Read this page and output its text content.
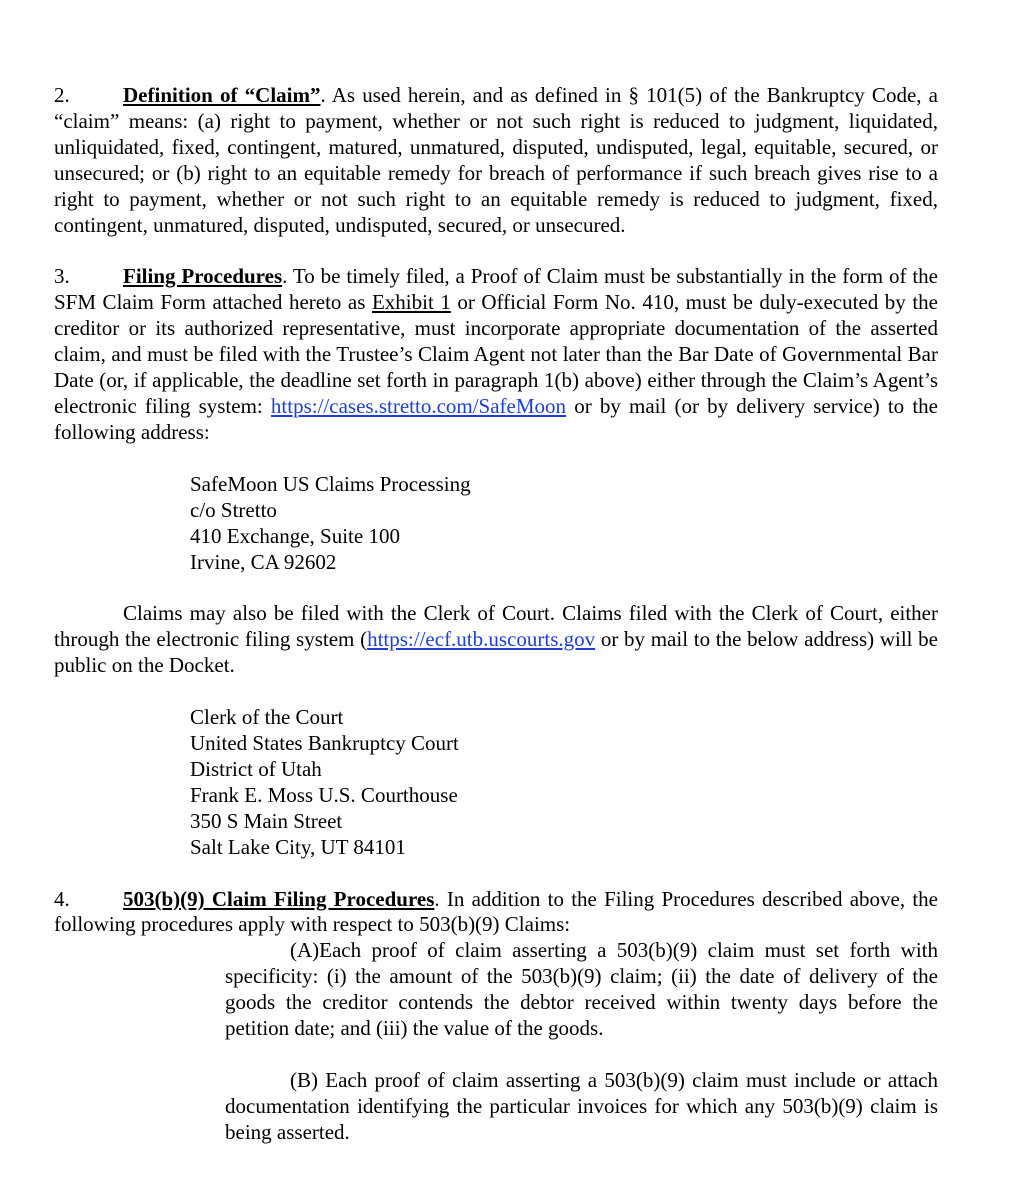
2.	Definition of “Claim”. As used herein, and as defined in § 101(5) of the Bankruptcy Code, a “claim” means: (a) right to payment, whether or not such right is reduced to judgment, liquidated, unliquidated, fixed, contingent, matured, unmatured, disputed, undisputed, legal, equitable, secured, or unsecured; or (b) right to an equitable remedy for breach of performance if such breach gives rise to a right to payment, whether or not such right to an equitable remedy is reduced to judgment, fixed, contingent, unmatured, disputed, undisputed, secured, or unsecured.

3.	Filing Procedures. To be timely filed, a Proof of Claim must be substantially in the form of the SFM Claim Form attached hereto as Exhibit 1 or Official Form No. 410, must be duly-executed by the creditor or its authorized representative, must incorporate appropriate documentation of the asserted claim, and must be filed with the Trustee’s Claim Agent not later than the Bar Date of Governmental Bar Date (or, if applicable, the deadline set forth in paragraph 1(b) above) either through the Claim’s Agent’s electronic filing system: https://cases.stretto.com/SafeMoon or by mail (or by delivery service) to the following address:

SafeMoon US Claims Processing
c/o Stretto
410 Exchange, Suite 100
Irvine, CA 92602

Claims may also be filed with the Clerk of Court. Claims filed with the Clerk of Court, either through the electronic filing system (https://ecf.utb.uscourts.gov or by mail to the below address) will be public on the Docket.

Clerk of the Court
United States Bankruptcy Court
District of Utah
Frank E. Moss U.S. Courthouse
350 S Main Street
Salt Lake City, UT 84101

4.	503(b)(9) Claim Filing Procedures. In addition to the Filing Procedures described above, the following procedures apply with respect to 503(b)(9) Claims:

(A)Each proof of claim asserting a 503(b)(9) claim must set forth with specificity: (i) the amount of the 503(b)(9) claim; (ii) the date of delivery of the goods the creditor contends the debtor received within twenty days before the petition date; and (iii) the value of the goods.

(B) Each proof of claim asserting a 503(b)(9) claim must include or attach documentation identifying the particular invoices for which any 503(b)(9) claim is being asserted.
